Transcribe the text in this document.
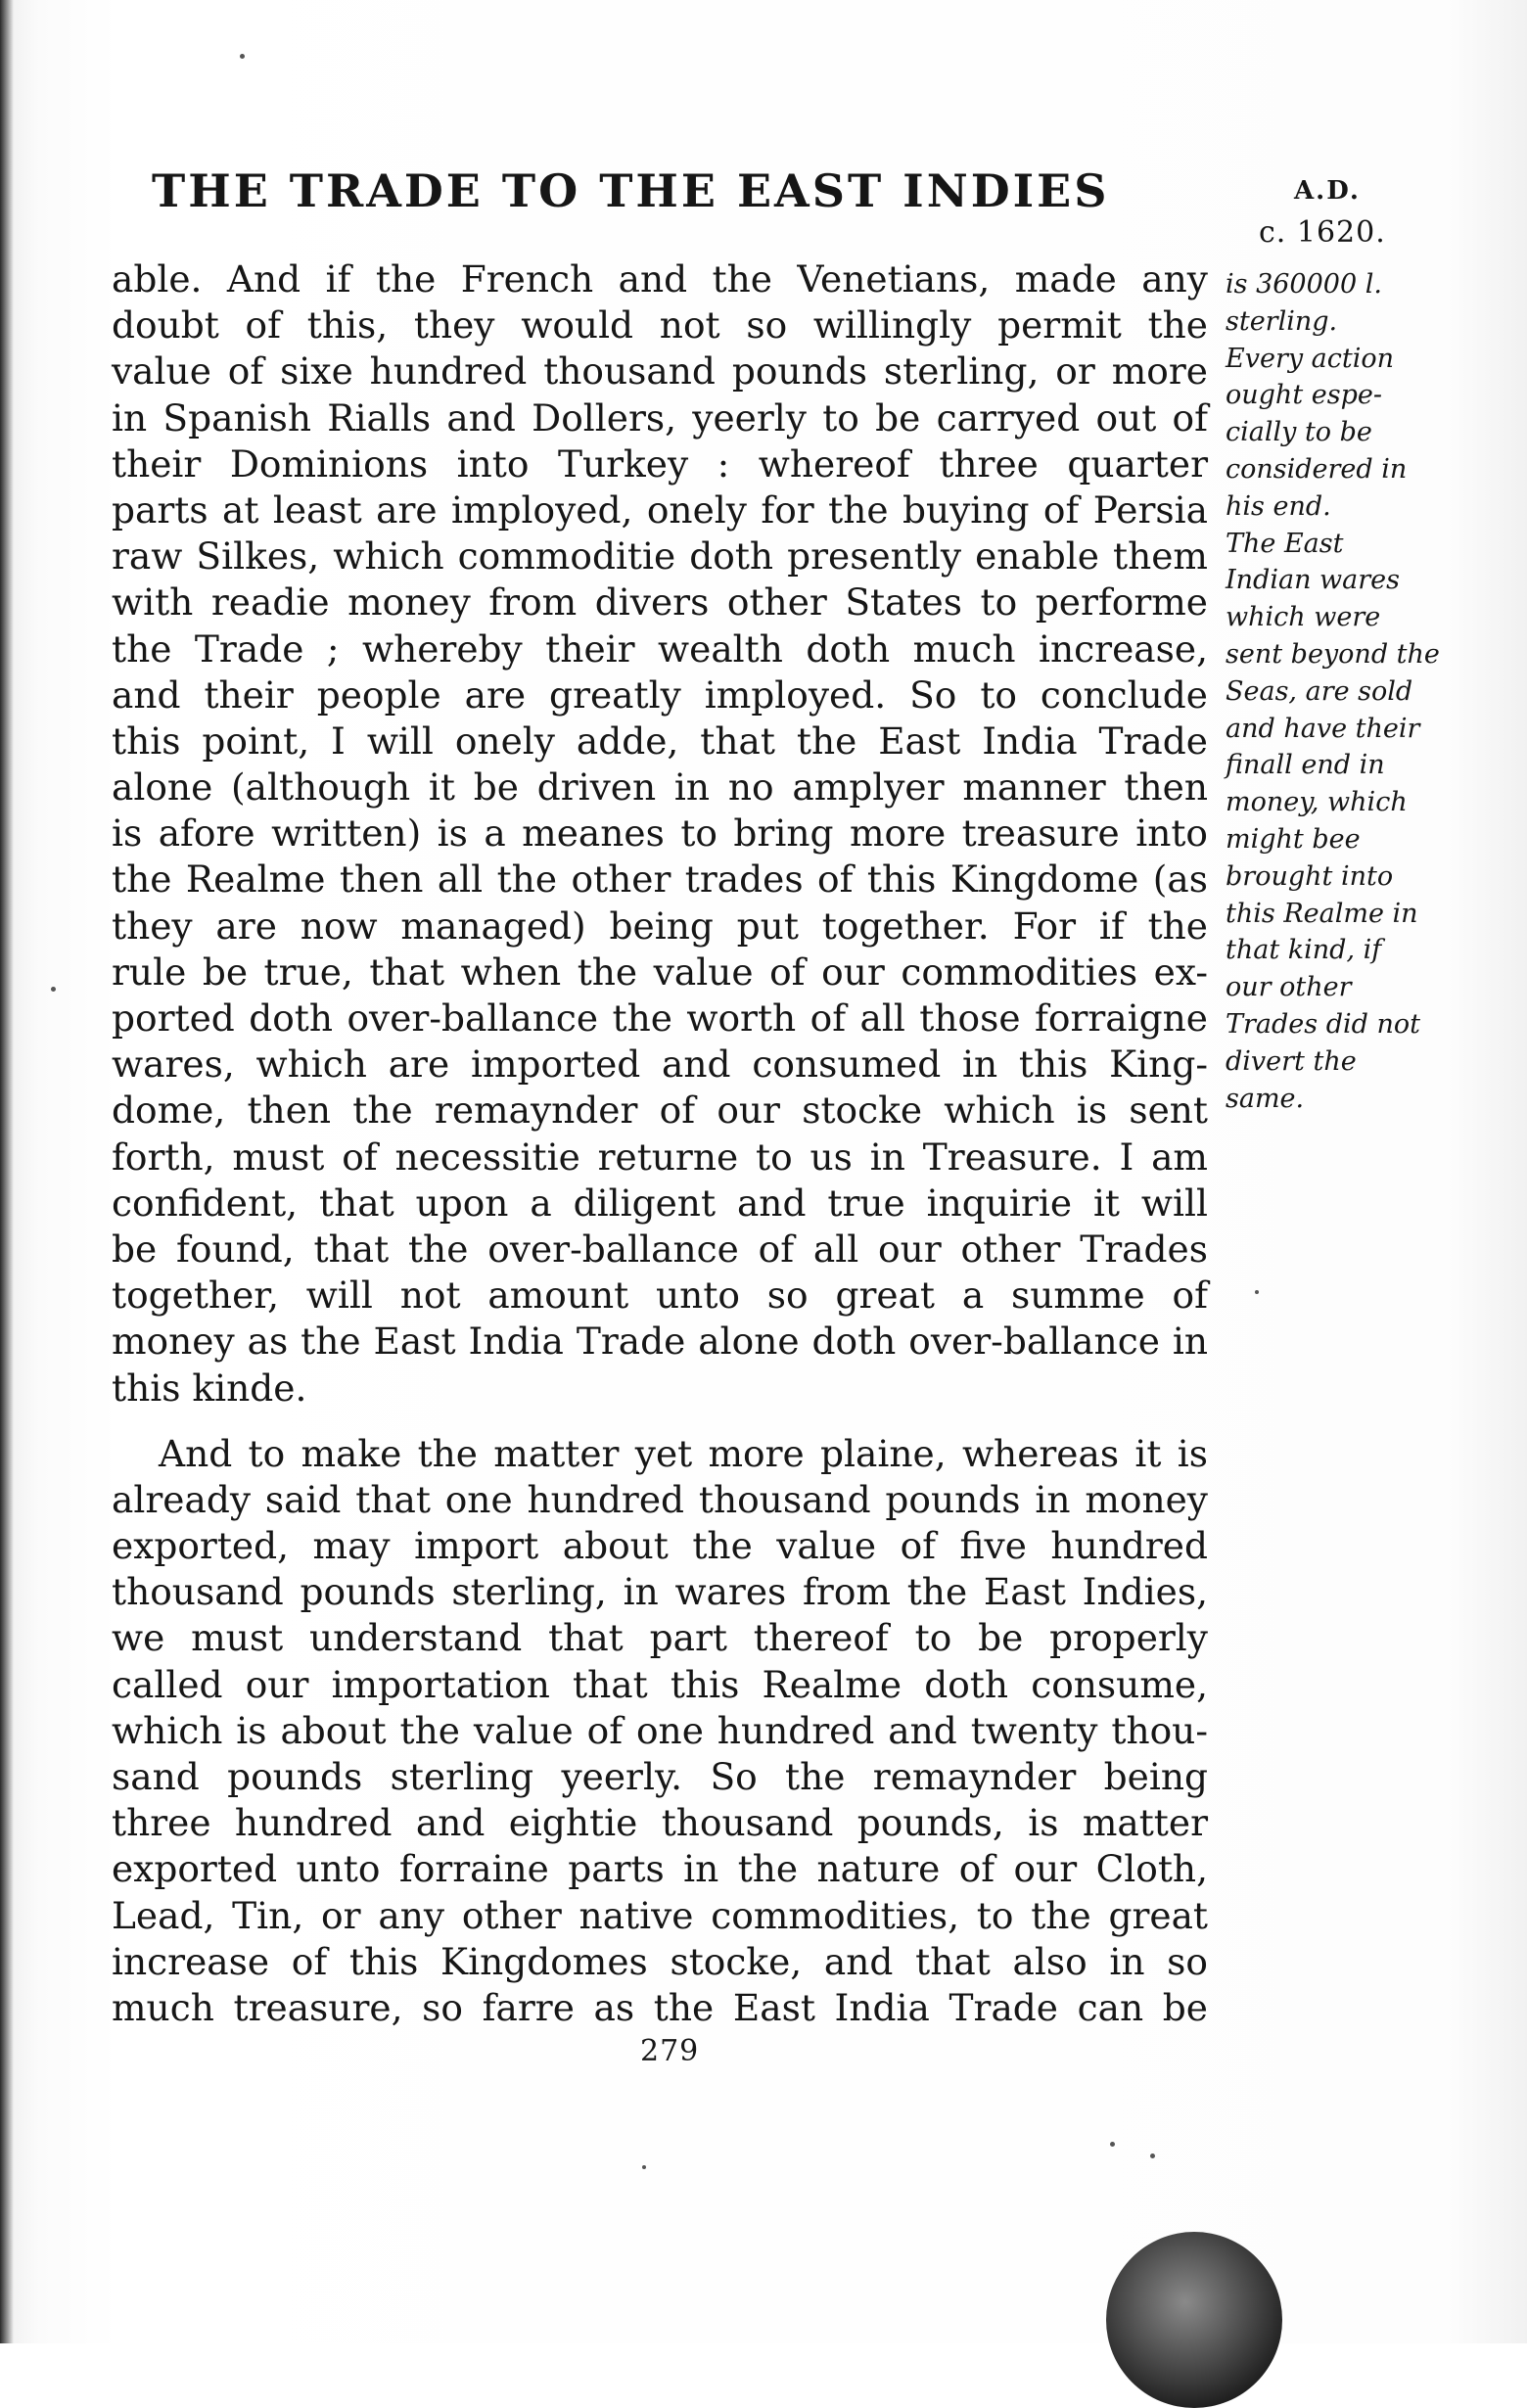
THE TRADE TO THE EAST INDIES	A.D.
c. 1620.
able. And if the French and the Venetians, made any
doubt of this, they would not so willingly permit the
value of sixe hundred thousand pounds sterling, or more
in Spanish Rialls and Dollers, yeerly to be carryed out of
their Dominions into Turkey : whereof three quarter
parts at least are imployed, onely for the buying of Persia
raw Silkes, which commoditie doth presently enable them
with readie money from divers other States to performe
the Trade ; whereby their wealth doth much increase,
and their people are greatly imployed. So to conclude
this point, I will onely adde, that the East India Trade
alone (although it be driven in no amplyer manner then
is afore written) is a meanes to bring more treasure into
the Realme then all the other trades of this Kingdome (as
they are now managed) being put together. For if the
rule be true, that when the value of our commodities ex-
ported doth over-ballance the worth of all those forraigne
wares, which are imported and consumed in this King-
dome, then the remaynder of our stocke which is sent
forth, must of necessitie returne to us in Treasure. I am
confident, that upon a diligent and true inquirie it will
be found, that the over-ballance of all our other Trades
together, will not amount unto so great a summe of
money as the East India Trade alone doth over-ballance in
this kinde.
And to make the matter yet more plaine, whereas it is
already said that one hundred thousand pounds in money
exported, may import about the value of five hundred
thousand pounds sterling, in wares from the East Indies,
we must understand that part thereof to be properly
called our importation that this Realme doth consume,
which is about the value of one hundred and twenty thou-
sand pounds sterling yeerly. So the remaynder being
three hundred and eightie thousand pounds, is matter
exported unto forraine parts in the nature of our Cloth,
Lead, Tin, or any other native commodities, to the great
increase of this Kingdomes stocke, and that also in so
much treasure, so farre as the East India Trade can be
is 360000 l.
sterling.
Every action
ought espe-
cially to be
considered in
his end.
The East
Indian wares
which were
sent beyond the
Seas, are sold
and have their
finall end in
money, which
might bee
brought into
this Realme in
that kind, if
our other
Trades did not
divert the
same.
279
